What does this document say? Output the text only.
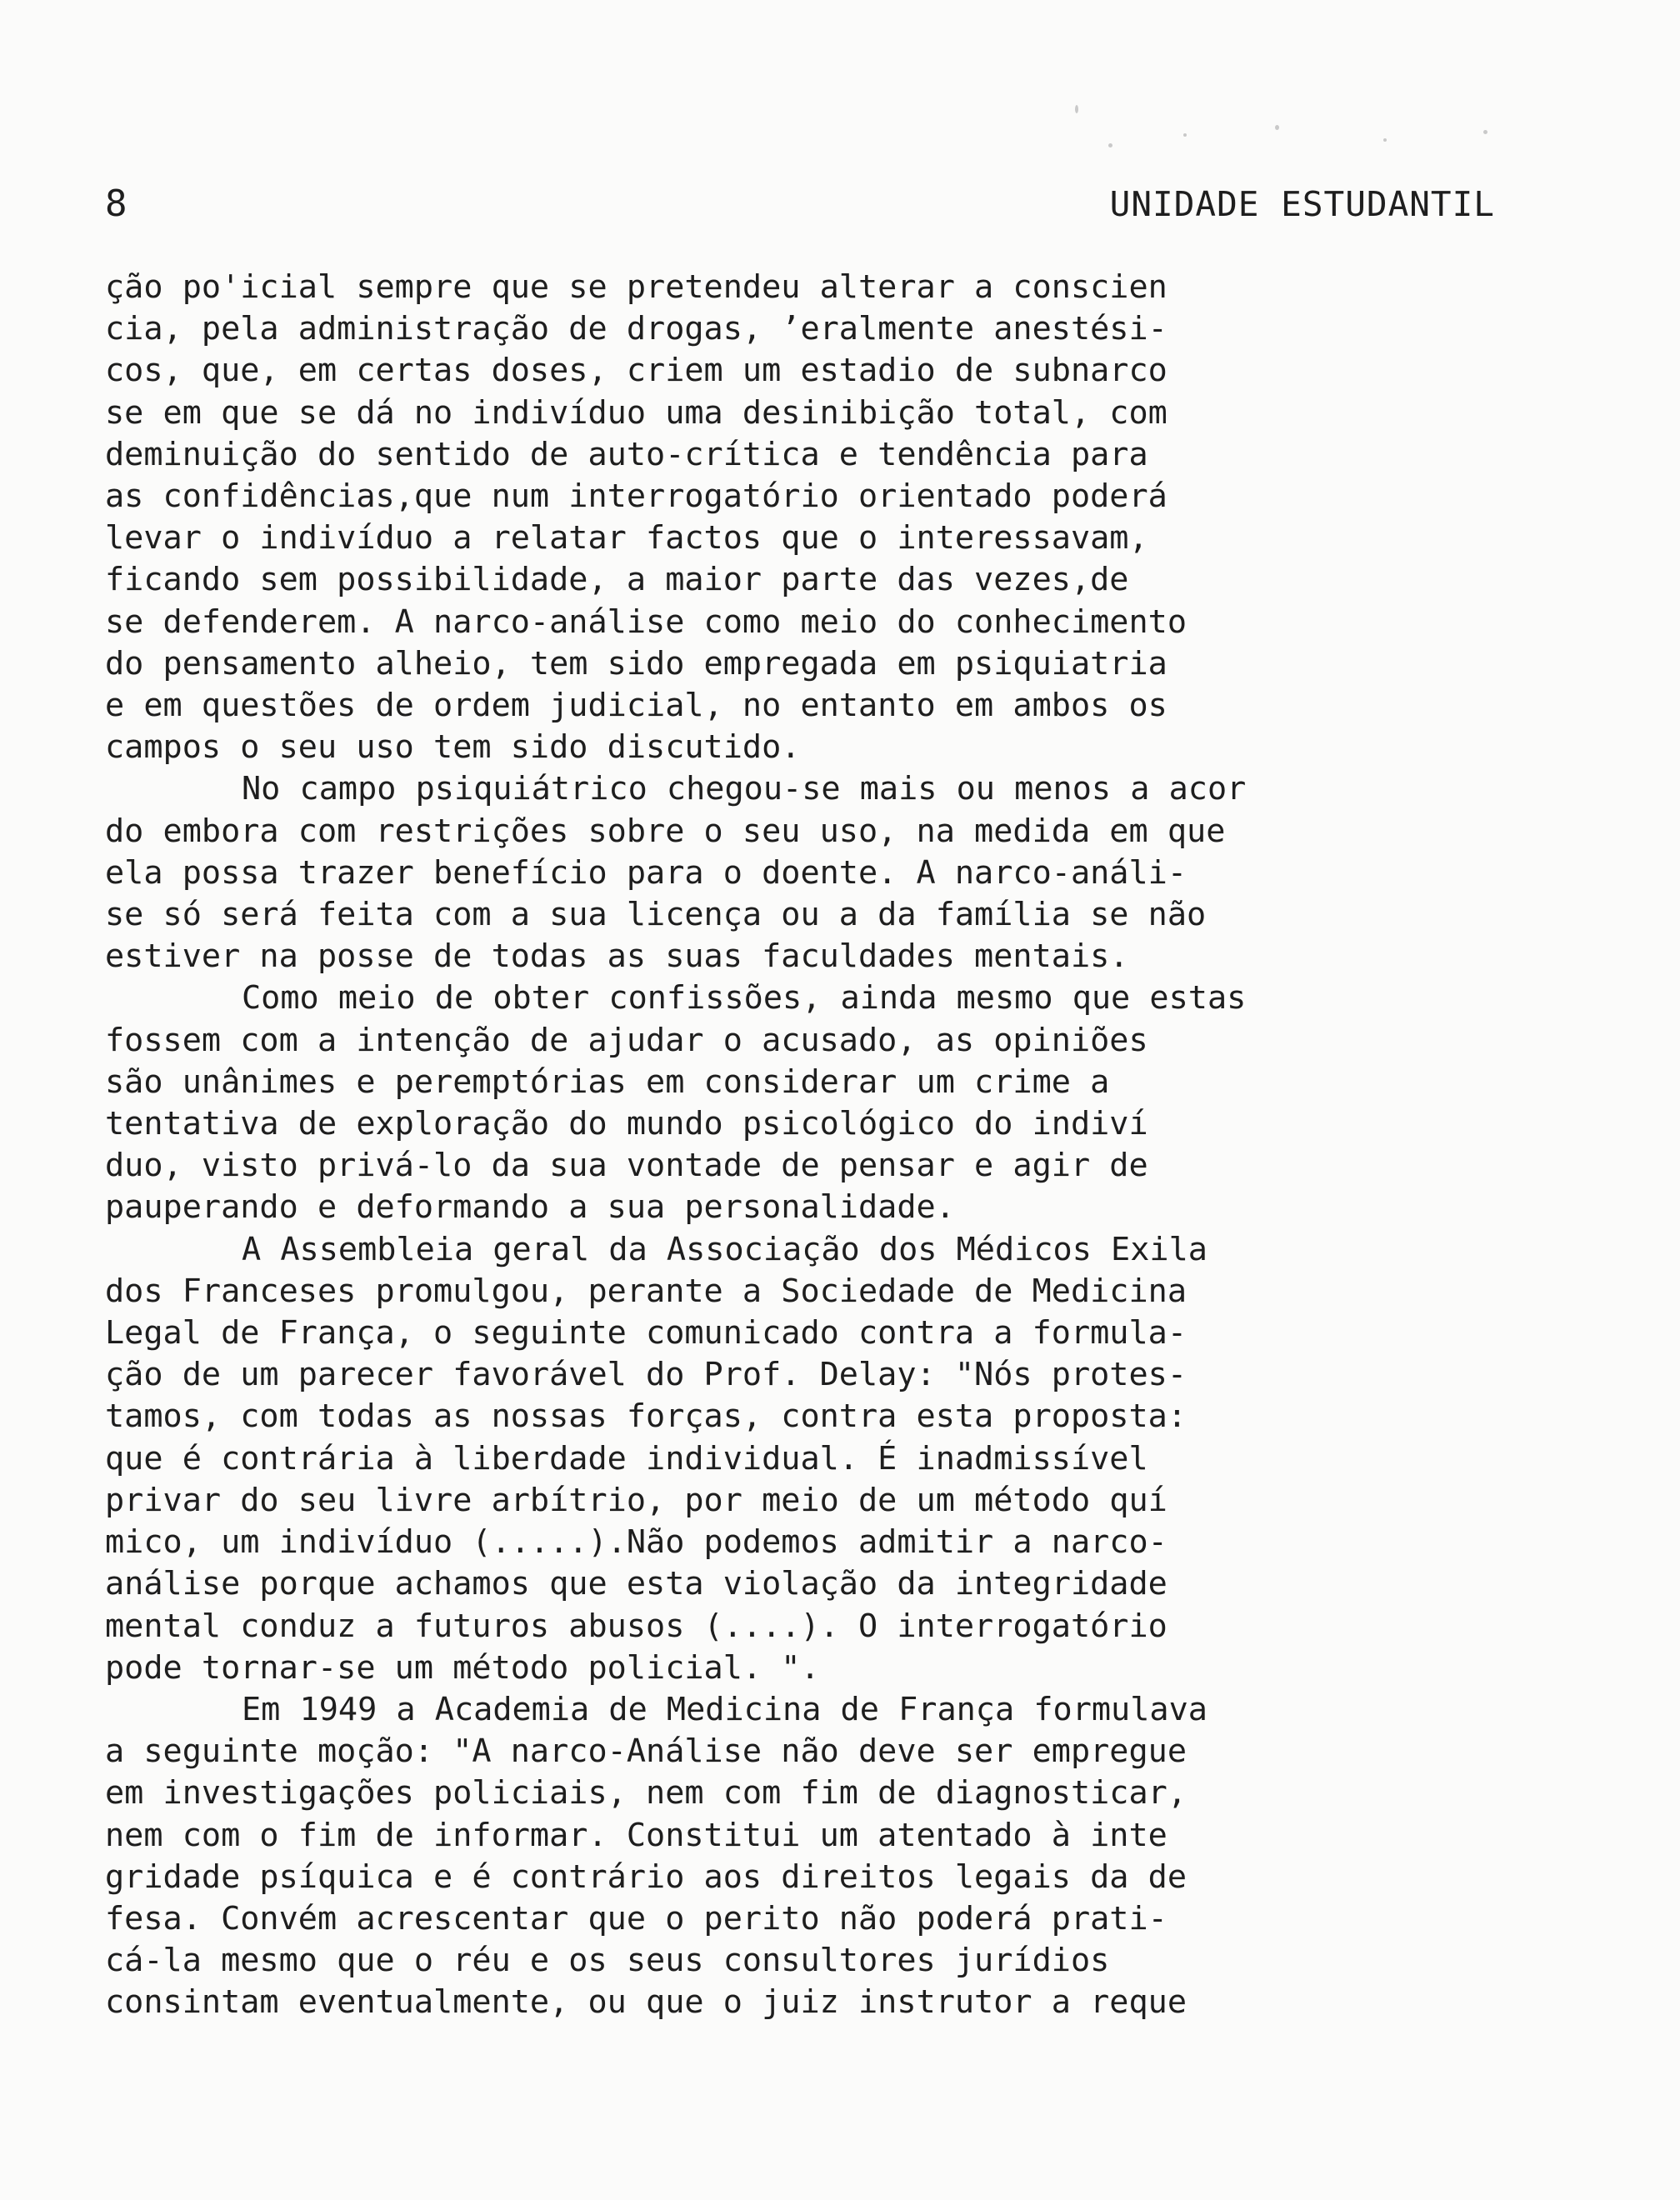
8	UNIDADE ESTUDANTIL
ção po'icial sempre que se pretendeu alterar a conscien
cia, pela administração de drogas, ʼeralmente anestési-
cos, que, em certas doses, criem um estadio de subnarco
se em que se dá no indivíduo uma desinibição total, com
deminuição do sentido de auto-crítica e tendência para
as confidências,que num interrogatório orientado poderá
levar o indivíduo a relatar factos que o interessavam,
ficando sem possibilidade, a maior parte das vezes,de
se defenderem. A narco-análise como meio do conhecimento
do pensamento alheio, tem sido empregada em psiquiatria
e em questões de ordem judicial, no entanto em ambos os
campos o seu uso tem sido discutido.
No campo psiquiátrico chegou-se mais ou menos a acor
do embora com restrições sobre o seu uso, na medida em que
ela possa trazer benefício para o doente. A narco-análi-
se só será feita com a sua licença ou a da família se não
estiver na posse de todas as suas faculdades mentais.
Como meio de obter confissões, ainda mesmo que estas
fossem com a intenção de ajudar o acusado, as opiniões
são unânimes e peremptórias em considerar um crime a
tentativa de exploração do mundo psicológico do indiví
duo, visto privá-lo da sua vontade de pensar e agir de
pauperando e deformando a sua personalidade.
A Assembleia geral da Associação dos Médicos Exila
dos Franceses promulgou, perante a Sociedade de Medicina
Legal de França, o seguinte comunicado contra a formula-
ção de um parecer favorável do Prof. Delay: "Nós protes-
tamos, com todas as nossas forças, contra esta proposta:
que é contrária à liberdade individual. É inadmissível
privar do seu livre arbítrio, por meio de um método quí
mico, um indivíduo (.....).Não podemos admitir a narco-
análise porque achamos que esta violação da integridade
mental conduz a futuros abusos (....). O interrogatório
pode tornar-se um método policial. ".
Em 1949 a Academia de Medicina de França formulava
a seguinte moção: "A narco-Análise não deve ser empregue
em investigações policiais, nem com fim de diagnosticar,
nem com o fim de informar. Constitui um atentado à inte
gridade psíquica e é contrário aos direitos legais da de
fesa. Convém acrescentar que o perito não poderá prati-
cá-la mesmo que o réu e os seus consultores jurídios
consintam eventualmente, ou que o juiz instrutor a reque
